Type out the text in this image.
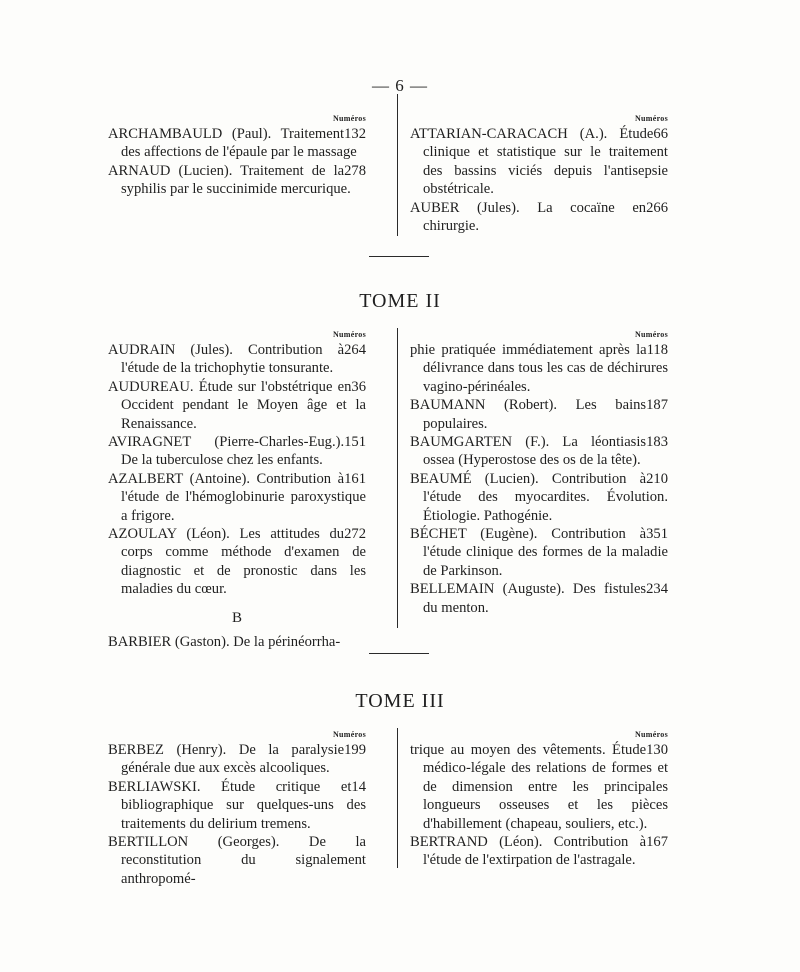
— 6 —
Numéros

132
ARCHAMBAULD (Paul). Traitement des affections de l'épaule par le massage

278
ARNAUD (Lucien). Traitement de la syphilis par le succinimide mercurique.

Numéros

66
ATTARIAN-CARACACH (A.). Étude clinique et statistique sur le traitement des bassins viciés depuis l'antisepsie obstétricale.

266
AUBER (Jules). La cocaïne en chirurgie.

TOME II
Numéros

264
AUDRAIN (Jules). Contribution à l'étude de la trichophytie tonsurante.

36
AUDUREAU. Étude sur l'obstétrique en Occident pendant le Moyen âge et la Renaissance.

151
AVIRAGNET (Pierre-Charles-Eug.). De la tuberculose chez les enfants.

161
AZALBERT (Antoine). Contribution à l'étude de l'hémoglobinurie paroxystique a frigore.

272
AZOULAY (Léon). Les attitudes du corps comme méthode d'examen de diagnostic et de pronostic dans les maladies du cœur.

B

BARBIER (Gaston). De la périnéorrha-

Numéros

118
phie pratiquée immédiatement après la délivrance dans tous les cas de déchirures vagino-périnéales.

187
BAUMANN (Robert). Les bains populaires.

183
BAUMGARTEN (F.). La léontiasis ossea (Hyperostose des os de la tête).

210
BEAUMÉ (Lucien). Contribution à l'étude des myocardites. Évolution. Étiologie. Pathogénie.

351
BÉCHET (Eugène). Contribution à l'étude clinique des formes de la maladie de Parkinson.

234
BELLEMAIN (Auguste). Des fistules du menton.

TOME III
Numéros

199
BERBEZ (Henry). De la paralysie générale due aux excès alcooliques.

14
BERLIAWSKI. Étude critique et bibliographique sur quelques-uns des traitements du delirium tremens.

BERTILLON (Georges). De la reconstitution du signalement anthropomé-

Numéros

130
trique au moyen des vêtements. Étude médico-légale des relations de formes et de dimension entre les principales longueurs osseuses et les pièces d'habillement (chapeau, souliers, etc.).

167
BERTRAND (Léon). Contribution à l'étude de l'extirpation de l'astragale.
